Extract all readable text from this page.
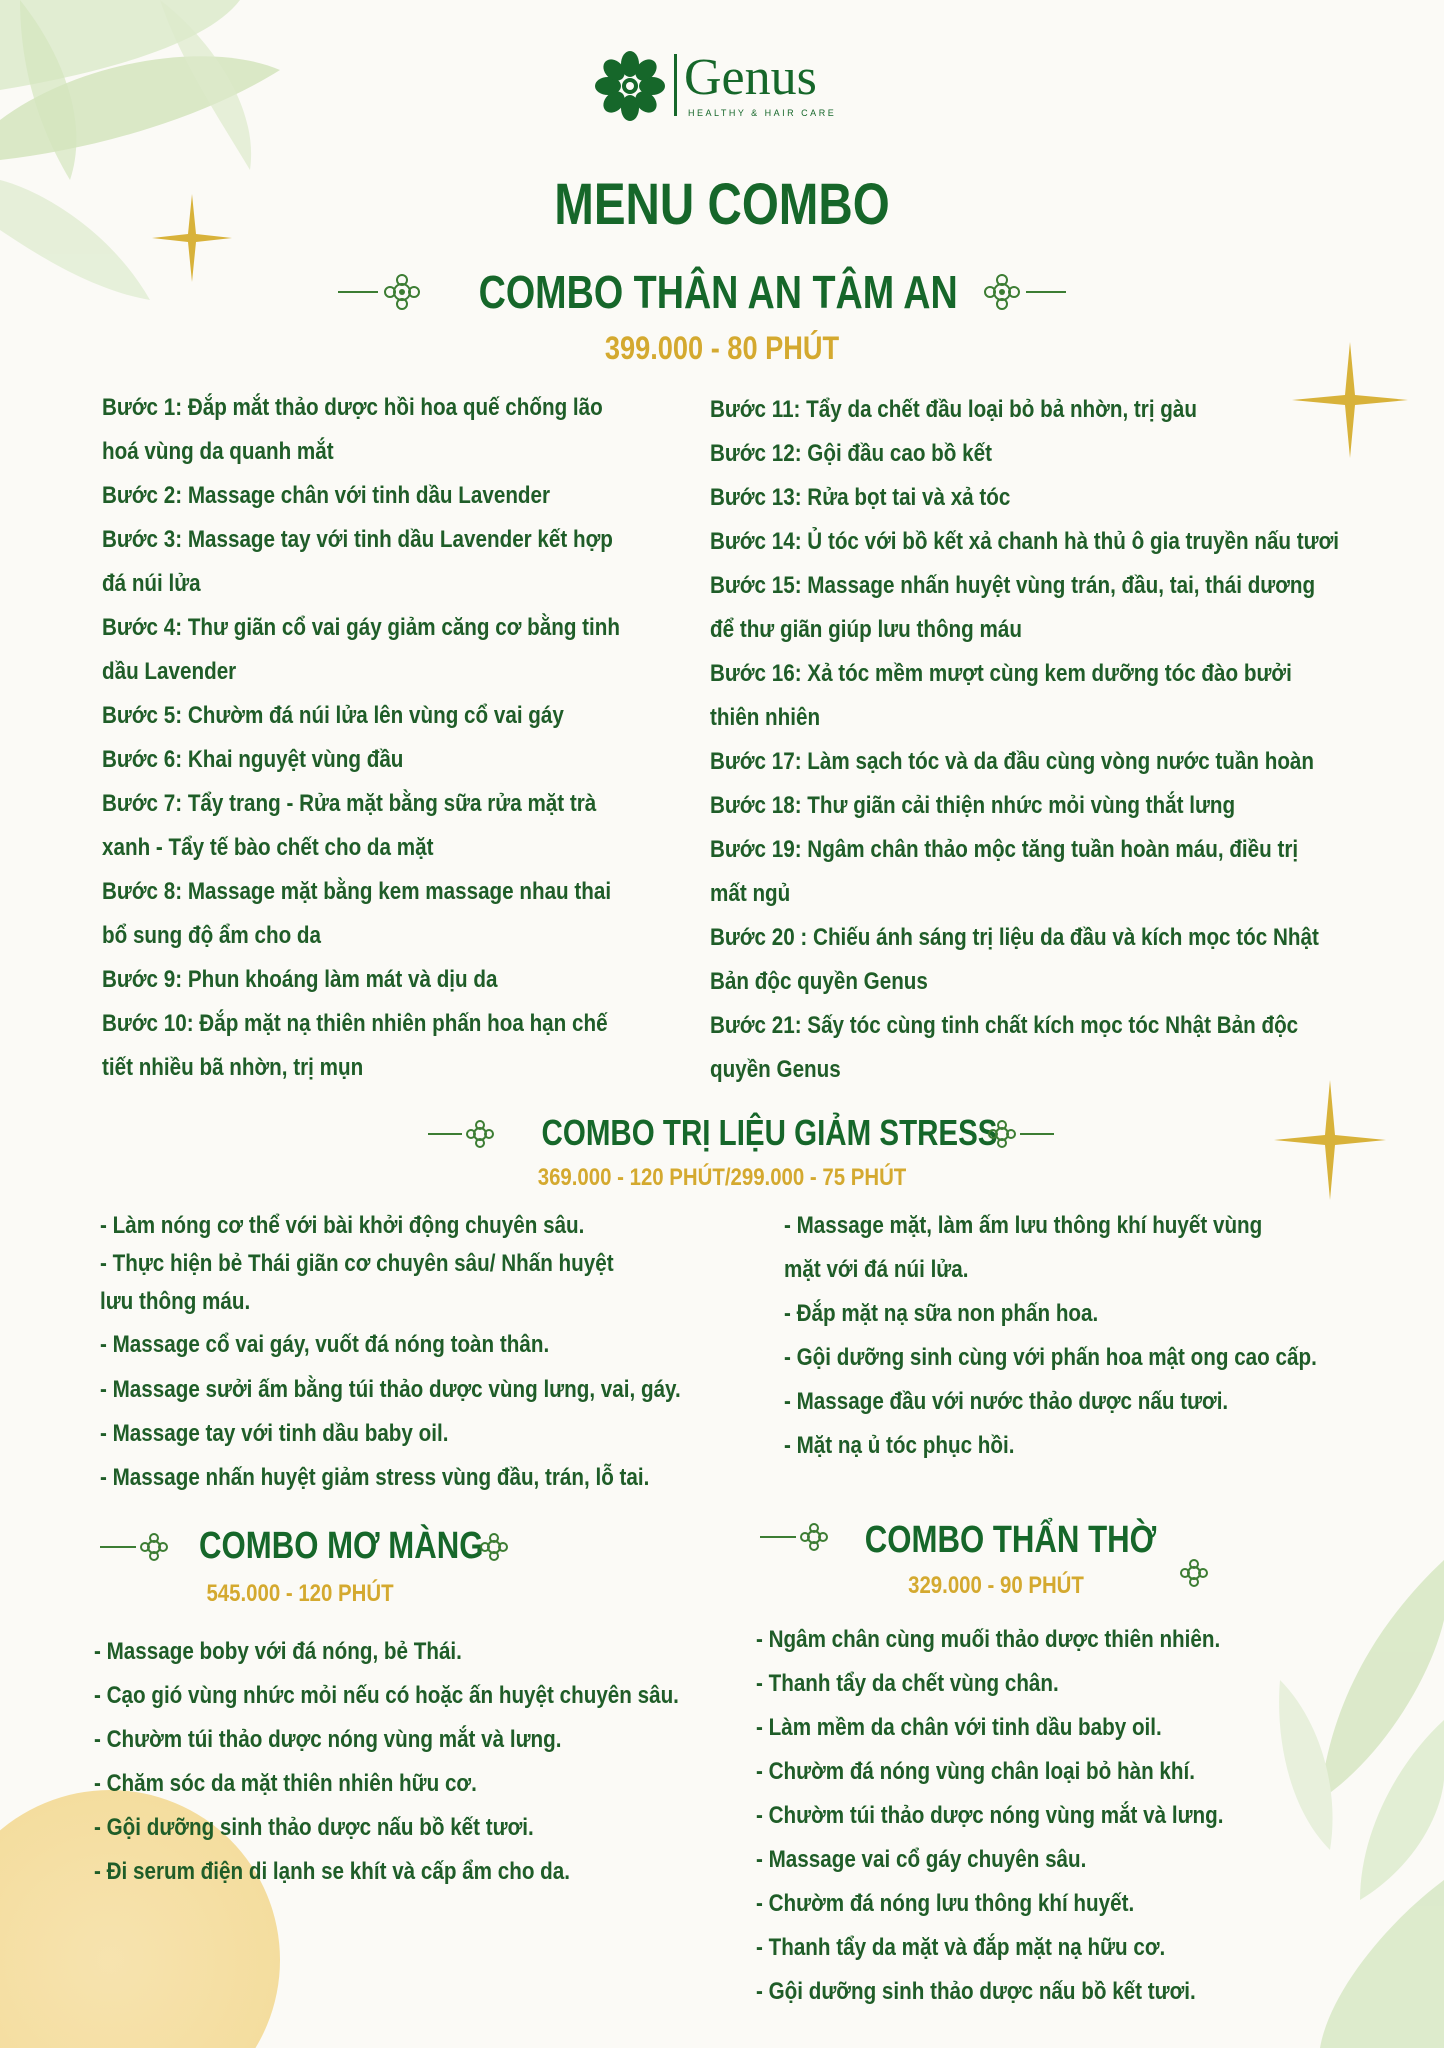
Genus
HEALTHY & HAIR CARE
MENU COMBO
COMBO THÂN AN TÂM AN
399.000 - 80 PHÚT
Bước 1: Đắp mắt thảo dược hồi hoa quế chống lão
hoá vùng da quanh mắt
Bước 2: Massage chân với tinh dầu Lavender
Bước 3: Massage tay với tinh dầu Lavender kết hợp
đá núi lửa
Bước 4: Thư giãn cổ vai gáy giảm căng cơ bằng tinh
dầu Lavender
Bước 5: Chườm đá núi lửa lên vùng cổ vai gáy
Bước 6: Khai nguyệt vùng đầu
Bước 7: Tẩy trang - Rửa mặt bằng sữa rửa mặt trà
xanh - Tẩy tế bào chết cho da mặt
Bước 8: Massage mặt bằng kem massage nhau thai
bổ sung độ ẩm cho da
Bước 9: Phun khoáng làm mát và dịu da
Bước 10: Đắp mặt nạ thiên nhiên phấn hoa hạn chế
tiết nhiều bã nhờn, trị mụn
Bước 11: Tẩy da chết đầu loại bỏ bả nhờn, trị gàu
Bước 12: Gội đầu cao bồ kết
Bước 13: Rửa bọt tai và xả tóc
Bước 14: Ủ tóc với bồ kết xả chanh hà thủ ô gia truyền nấu tươi
Bước 15: Massage nhấn huyệt vùng trán, đầu, tai, thái dương
để thư giãn giúp lưu thông máu
Bước 16: Xả tóc mềm mượt cùng kem dưỡng tóc đào bưởi
thiên nhiên
Bước 17: Làm sạch tóc và da đầu cùng vòng nước tuần hoàn
Bước 18: Thư giãn cải thiện nhức mỏi vùng thắt lưng
Bước 19: Ngâm chân thảo mộc tăng tuần hoàn máu, điều trị
mất ngủ
Bước 20 : Chiếu ánh sáng trị liệu da đầu và kích mọc tóc Nhật
Bản độc quyền Genus
Bước 21: Sấy tóc cùng tinh chất kích mọc tóc Nhật Bản độc
quyền Genus
COMBO TRỊ LIỆU GIẢM STRESS
369.000 - 120 PHÚT/299.000 - 75 PHÚT
- Làm nóng cơ thể với bài khởi động chuyên sâu.
- Thực hiện bẻ Thái giãn cơ chuyên sâu/ Nhấn huyệt
lưu thông máu.
- Massage cổ vai gáy, vuốt đá nóng toàn thân.
- Massage sưởi ấm bằng túi thảo dược vùng lưng, vai, gáy.
- Massage tay với tinh dầu baby oil.
- Massage nhấn huyệt giảm stress vùng đầu, trán, lỗ tai.
- Massage mặt, làm ấm lưu thông khí huyết vùng
mặt với đá núi lửa.
- Đắp mặt nạ sữa non phấn hoa.
- Gội dưỡng sinh cùng với phấn hoa mật ong cao cấp.
- Massage đầu với nước thảo dược nấu tươi.
- Mặt nạ ủ tóc phục hồi.
COMBO MƠ MÀNG
545.000 - 120 PHÚT
- Massage boby với đá nóng, bẻ Thái.
- Cạo gió vùng nhức mỏi nếu có hoặc ấn huyệt chuyên sâu.
- Chườm túi thảo dược nóng vùng mắt và lưng.
- Chăm sóc da mặt thiên nhiên hữu cơ.
- Gội dưỡng sinh thảo dược nấu bồ kết tươi.
- Đi serum điện di lạnh se khít và cấp ẩm cho da.
COMBO THẨN THỜ
329.000 - 90 PHÚT
- Ngâm chân cùng muối thảo dược thiên nhiên.
- Thanh tẩy da chết vùng chân.
- Làm mềm da chân với tinh dầu baby oil.
- Chườm đá nóng vùng chân loại bỏ hàn khí.
- Chườm túi thảo dược nóng vùng mắt và lưng.
- Massage vai cổ gáy chuyên sâu.
- Chườm đá nóng lưu thông khí huyết.
- Thanh tẩy da mặt và đắp mặt nạ hữu cơ.
- Gội dưỡng sinh thảo dược nấu bồ kết tươi.
